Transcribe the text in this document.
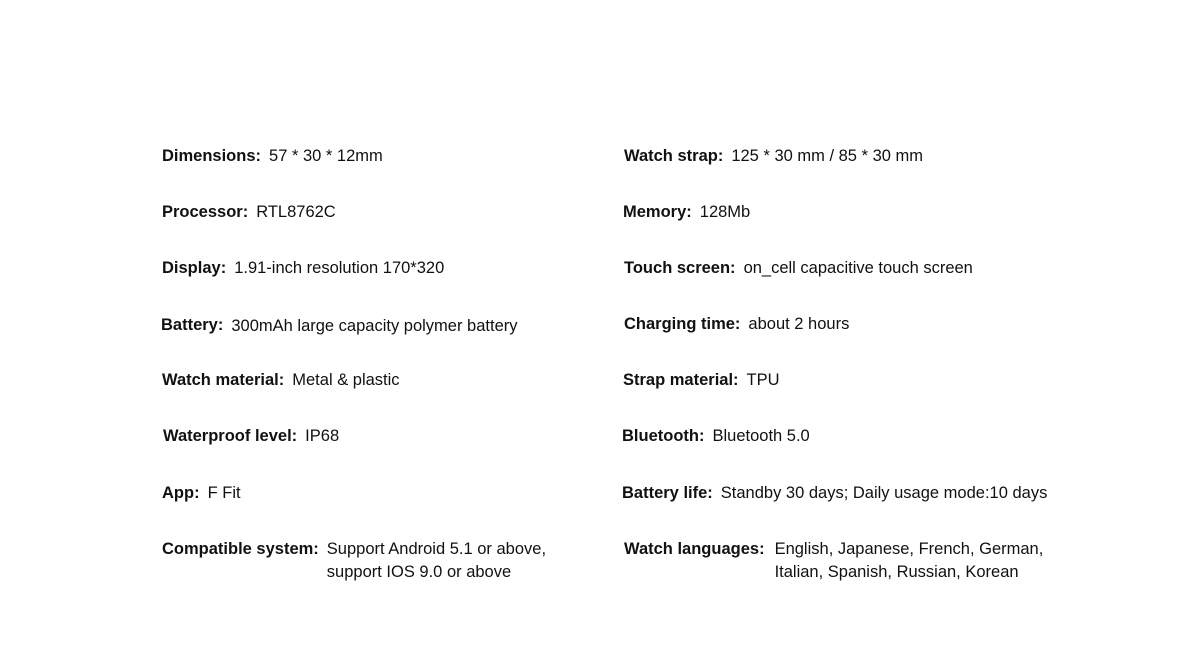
Dimensions: 57 * 30 * 12mm
Processor: RTL8762C
Display: 1.91-inch resolution 170*320
Battery: 300mAh large capacity polymer battery
Watch material: Metal & plastic
Waterproof level: IP68
App: F Fit
Compatible system: Support Android 5.1 or above,
support IOS 9.0 or above
Watch strap: 125 * 30 mm / 85 * 30 mm
Memory: 128Mb
Touch screen: on_cell capacitive touch screen
Charging time: about 2 hours
Strap material: TPU
Bluetooth: Bluetooth 5.0
Battery life: Standby 30 days; Daily usage mode:10 days
Watch languages: English, Japanese, French, German,
Italian, Spanish, Russian, Korean
